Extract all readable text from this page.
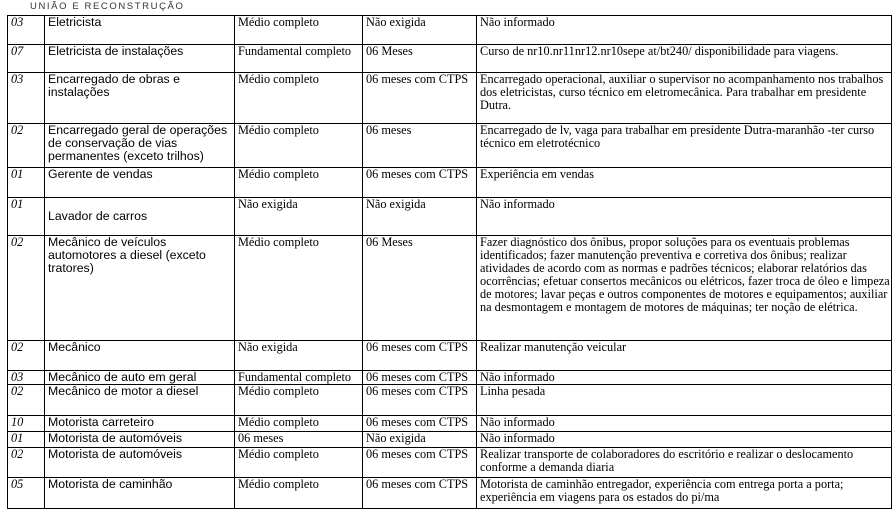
UNIÃO E RECONSTRUÇÃO
03	Eletricista	Médio completo	Não exigida	Não informado
07	Eletricista de instalações	Fundamental completo	06 Meses	Curso de nr10.nr11nr12.nr10sepe at/bt240/ disponibilidade para viagens.
03	Encarregado de obras e instalações	Médio completo	06 meses com CTPS	Encarregado operacional, auxiliar o supervisor no acompanhamento nos trabalhos dos eletricistas, curso técnico em eletromecânica. Para trabalhar em presidente Dutra.
02	Encarregado geral de operações de conservação de vias permanentes (exceto trilhos)	Médio completo	06 meses	Encarregado de lv, vaga para trabalhar em presidente Dutra-maranhão -ter curso técnico em eletrotécnico
01	Gerente de vendas	Médio completo	06 meses com CTPS	Experiência em vendas
01	Lavador de carros	Não exigida	Não exigida	Não informado
02	Mecânico de veículos automotores a diesel (exceto tratores)	Médio completo	06 Meses	Fazer diagnóstico dos ônibus, propor soluções para os eventuais problemas identificados; fazer manutenção preventiva e corretiva dos ônibus; realizar atividades de acordo com as normas e padrões técnicos; elaborar relatórios das ocorrências; efetuar consertos mecânicos ou elétricos, fazer troca de óleo e limpeza de motores; lavar peças e outros componentes de motores e equipamentos; auxiliar na desmontagem e montagem de motores de máquinas; ter noção de elétrica.
02	Mecânico	Não exigida	06 meses com CTPS	Realizar manutenção veicular
03	Mecânico de auto em geral	Fundamental completo	06 meses com CTPS	Não informado
02	Mecânico de motor a diesel	Médio completo	06 meses com CTPS	Linha pesada
10	Motorista carreteiro	Médio completo	06 meses com CTPS	Não informado
01	Motorista de automóveis	06 meses	Não exigida	Não informado
02	Motorista de automóveis	Médio completo	06 meses com CTPS	Realizar transporte de colaboradores do escritório e realizar o deslocamento conforme a demanda diaria
05	Motorista de caminhão	Médio completo	06 meses com CTPS	Motorista de caminhão entregador, experiência com entrega porta a porta; experiência em viagens para os estados do pi/ma
